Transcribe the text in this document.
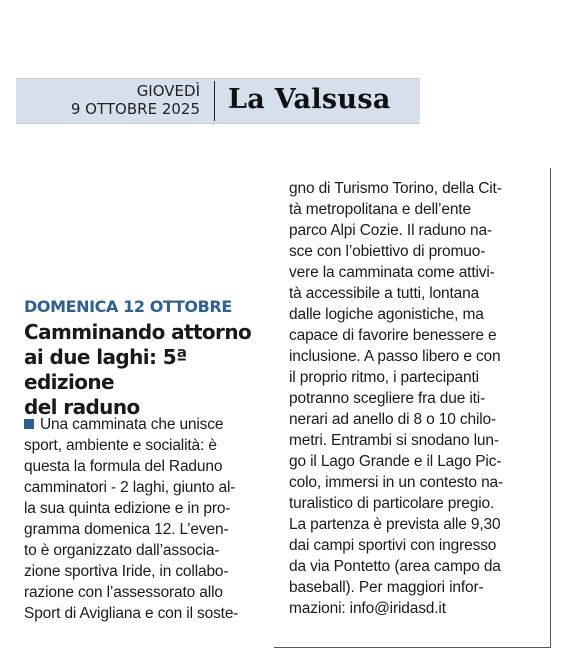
GIOVEDÌ
9 OTTOBRE 2025 La Valsusa
DOMENICA 12 OTTOBRE
Camminando attorno
ai due laghi: 5ª edizione
del raduno
Una camminata che unisce
sport, ambiente e socialità: è
questa la formula del Raduno
camminatori - 2 laghi, giunto al-
la sua quinta edizione e in pro-
gramma domenica 12. L’even-
to è organizzato dall’associa-
zione sportiva Iride, in collabo-
razione con l’assessorato allo
Sport di Avigliana e con il soste-
gno di Turismo Torino, della Cit-
tà metropolitana e dell’ente
parco Alpi Cozie. Il raduno na-
sce con l’obiettivo di promuo-
vere la camminata come attivi-
tà accessibile a tutti, lontana
dalle logiche agonistiche, ma
capace di favorire benessere e
inclusione. A passo libero e con
il proprio ritmo, i partecipanti
potranno scegliere fra due iti-
nerari ad anello di 8 o 10 chilo-
metri. Entrambi si snodano lun-
go il Lago Grande e il Lago Pic-
colo, immersi in un contesto na-
turalistico di particolare pregio.
La partenza è prevista alle 9,30
dai campi sportivi con ingresso
da via Pontetto (area campo da
baseball). Per maggiori infor-
mazioni: info@iridasd.it
